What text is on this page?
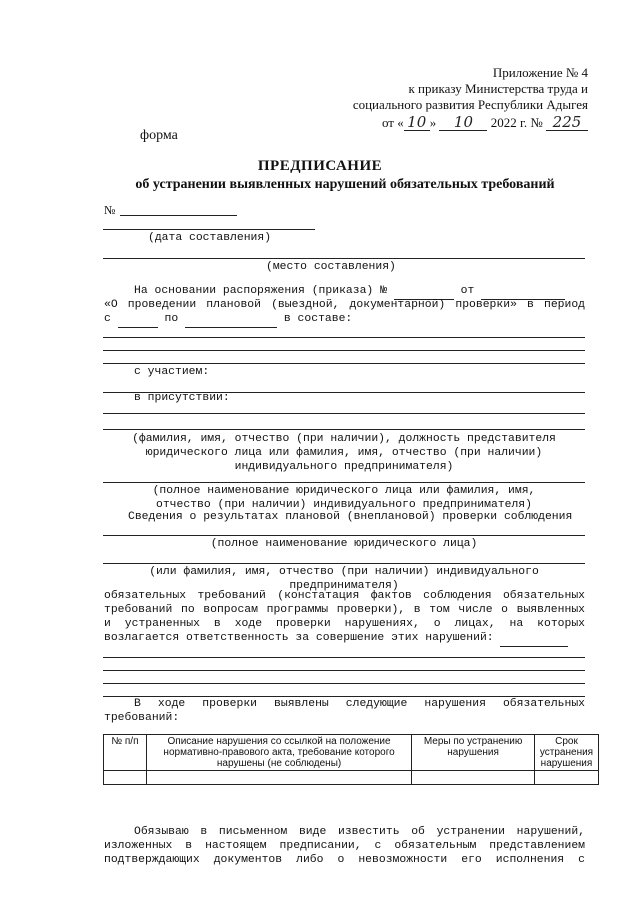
Приложение № 4
к приказу Министерства труда и
социального развития Республики Адыгея
от « 10 » 10 2022 г. № 225
форма
ПРЕДПИСАНИЕ
об устранении выявленных нарушений обязательных требований
№
(дата составления)
(место составления)
На основании распоряжения (приказа) №	от
«О проведении плановой (выездной, документарной) проверки» в период
с	по	в составе:
с участием:
в присутствии:
(фамилия, имя, отчество (при наличии), должность представителя
юридического лица или фамилия, имя, отчество (при наличии)
индивидуального предпринимателя)
(полное наименование юридического лица или фамилия, имя,
отчество (при наличии) индивидуального предпринимателя)
Сведения о результатах плановой (внеплановой) проверки соблюдения
(полное наименование юридического лица)
(или фамилия, имя, отчество (при наличии) индивидуального
предпринимателя)
обязательных требований (констатация фактов соблюдения обязательных
требований по вопросам программы проверки), в том числе о выявленных
и устраненных в ходе проверки нарушениях, о лицах, на которых
возлагается ответственность за совершение этих нарушений:
В ходе проверки выявлены следующие нарушения обязательных
требований:
№ п/п	Описание нарушения со ссылкой на положение нормативно-правового акта, требование которого нарушены (не соблюдены)	Меры по устранению нарушения	Срок устранения нарушения

Обязываю в письменном виде известить об устранении нарушений,
изложенных в настоящем предписании, с обязательным представлением
подтверждающих документов либо о невозможности его исполнения с
